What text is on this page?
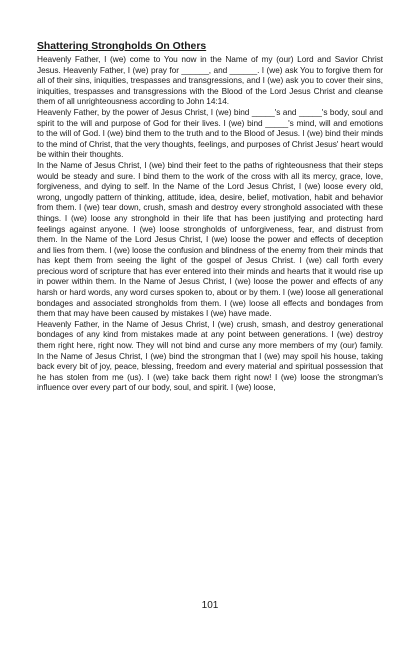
Shattering Strongholds On Others

Heavenly Father, I (we) come to You now in the Name of my (our) Lord and Savior Christ Jesus. Heavenly Father, I (we) pray for ______, and ______. I (we) ask You to forgive them for all of their sins, iniquities, trespasses and transgressions, and I (we) ask you to cover their sins, iniquities, trespasses and transgressions with the Blood of the Lord Jesus Christ and cleanse them of all unrighteousness according to John 14:14.

Heavenly Father, by the power of Jesus Christ, I (we) bind _____'s and _____'s body, soul and spirit to the will and purpose of God for their lives. I (we) bind _____'s mind, will and emotions to the will of God. I (we) bind them to the truth and to the Blood of Jesus. I (we) bind their minds to the mind of Christ, that the very thoughts, feelings, and purposes of Christ Jesus' heart would be within their thoughts.

In the Name of Jesus Christ, I (we) bind their feet to the paths of righteousness that their steps would be steady and sure. I bind them to the work of the cross with all its mercy, grace, love, forgiveness, and dying to self. In the Name of the Lord Jesus Christ, I (we) loose every old, wrong, ungodly pattern of thinking, attitude, idea, desire, belief, motivation, habit and behavior from them. I (we) tear down, crush, smash and destroy every stronghold associated with these things. I (we) loose any stronghold in their life that has been justifying and protecting hard feelings against anyone. I (we) loose strongholds of unforgiveness, fear, and distrust from them. In the Name of the Lord Jesus Christ, I (we) loose the power and effects of deception and lies from them. I (we) loose the confusion and blindness of the enemy from their minds that has kept them from seeing the light of the gospel of Jesus Christ. I (we) call forth every precious word of scripture that has ever entered into their minds and hearts that it would rise up in power within them. In the Name of Jesus Christ, I (we) loose the power and effects of any harsh or hard words, any word curses spoken to, about or by them. I (we) loose all generational bondages and associated strongholds from them. I (we) loose all effects and bondages from them that may have been caused by mistakes I (we) have made.

Heavenly Father, in the Name of Jesus Christ, I (we) crush, smash, and destroy generational bondages of any kind from mistakes made at any point between generations. I (we) destroy them right here, right now. They will not bind and curse any more members of my (our) family. In the Name of Jesus Christ, I (we) bind the strongman that I (we) may spoil his house, taking back every bit of joy, peace, blessing, freedom and every material and spiritual possession that he has stolen from me (us). I (we) take back them right now! I (we) loose the strongman's influence over every part of our body, soul, and spirit. I (we) loose,

101
